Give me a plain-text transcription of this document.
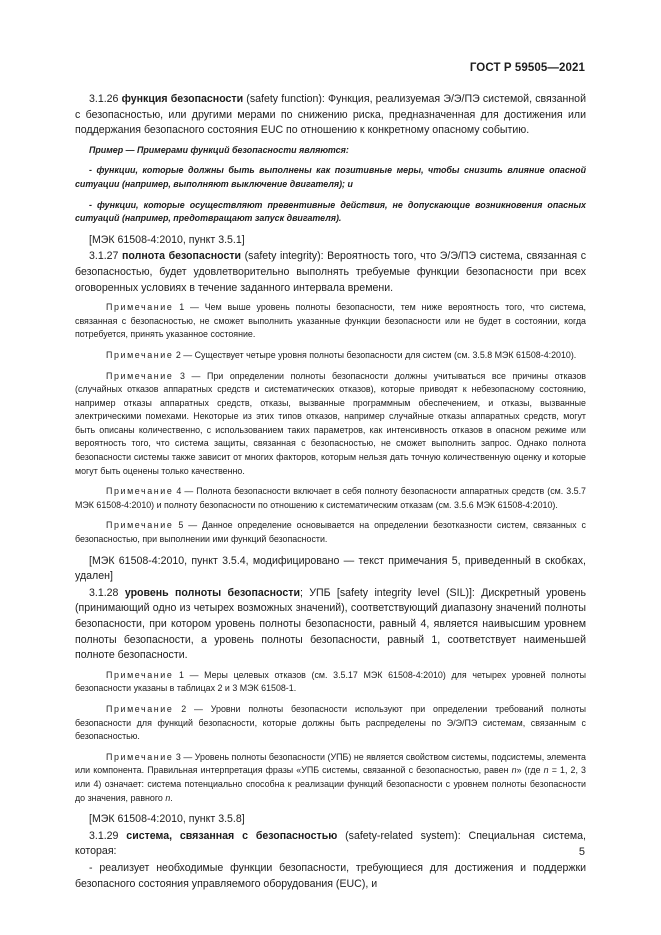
ГОСТ Р 59505—2021

3.1.26 функция безопасности (safety function): Функция, реализуемая Э/Э/ПЭ системой, связанной с безопасностью, или другими мерами по снижению риска, предназначенная для достижения или поддержания безопасного состояния EUC по отношению к конкретному опасному событию.

Пример — Примерами функций безопасности являются:

- функции, которые должны быть выполнены как позитивные меры, чтобы снизить влияние опасной ситуации (например, выполняют выключение двигателя); и

- функции, которые осуществляют превентивные действия, не допускающие возникновения опасных ситуаций (например, предотвращают запуск двигателя).

[МЭК 61508-4:2010, пункт 3.5.1]

3.1.27 полнота безопасности (safety integrity): Вероятность того, что Э/Э/ПЭ система, связанная с безопасностью, будет удовлетворительно выполнять требуемые функции безопасности при всех оговоренных условиях в течение заданного интервала времени.

Примечание 1 — Чем выше уровень полноты безопасности, тем ниже вероятность того, что система, связанная с безопасностью, не сможет выполнить указанные функции безопасности или не будет в состоянии, когда потребуется, принять указанное состояние.

Примечание 2 — Существует четыре уровня полноты безопасности для систем (см. 3.5.8 МЭК 61508-4:2010).

Примечание 3 — При определении полноты безопасности должны учитываться все причины отказов (случайных отказов аппаратных средств и систематических отказов), которые приводят к небезопасному состоянию, например отказы аппаратных средств, отказы, вызванные программным обеспечением, и отказы, вызванные электрическими помехами. Некоторые из этих типов отказов, например случайные отказы аппаратных средств, могут быть описаны количественно, с использованием таких параметров, как интенсивность отказов в опасном режиме или вероятность того, что система защиты, связанная с безопасностью, не сможет выполнить запрос. Однако полнота безопасности системы также зависит от многих факторов, которым нельзя дать точную количественную оценку и которые могут быть оценены только качественно.

Примечание 4 — Полнота безопасности включает в себя полноту безопасности аппаратных средств (см. 3.5.7 МЭК 61508-4:2010) и полноту безопасности по отношению к систематическим отказам (см. 3.5.6 МЭК 61508-4:2010).

Примечание 5 — Данное определение основывается на определении безотказности систем, связанных с безопасностью, при выполнении ими функций безопасности.

[МЭК 61508-4:2010, пункт 3.5.4, модифицировано — текст примечания 5, приведенный в скобках, удален]

3.1.28 уровень полноты безопасности; УПБ [safety integrity level (SIL)]: Дискретный уровень (принимающий одно из четырех возможных значений), соответствующий диапазону значений полноты безопасности, при котором уровень полноты безопасности, равный 4, является наивысшим уровнем полноты безопасности, а уровень полноты безопасности, равный 1, соответствует наименьшей полноте безопасности.

Примечание 1 — Меры целевых отказов (см. 3.5.17 МЭК 61508-4:2010) для четырех уровней полноты безопасности указаны в таблицах 2 и 3 МЭК 61508-1.

Примечание 2 — Уровни полноты безопасности используют при определении требований полноты безопасности для функций безопасности, которые должны быть распределены по Э/Э/ПЭ системам, связанным с безопасностью.

Примечание 3 — Уровень полноты безопасности (УПБ) не является свойством системы, подсистемы, элемента или компонента. Правильная интерпретация фразы «УПБ системы, связанной с безопасностью, равен n» (где n = 1, 2, 3 или 4) означает: система потенциально способна к реализации функций безопасности с уровнем полноты безопасности до значения, равного n.

[МЭК 61508-4:2010, пункт 3.5.8]

3.1.29 система, связанная с безопасностью (safety-related system): Специальная система, которая:

- реализует необходимые функции безопасности, требующиеся для достижения и поддержки безопасного состояния управляемого оборудования (EUC), и

5
